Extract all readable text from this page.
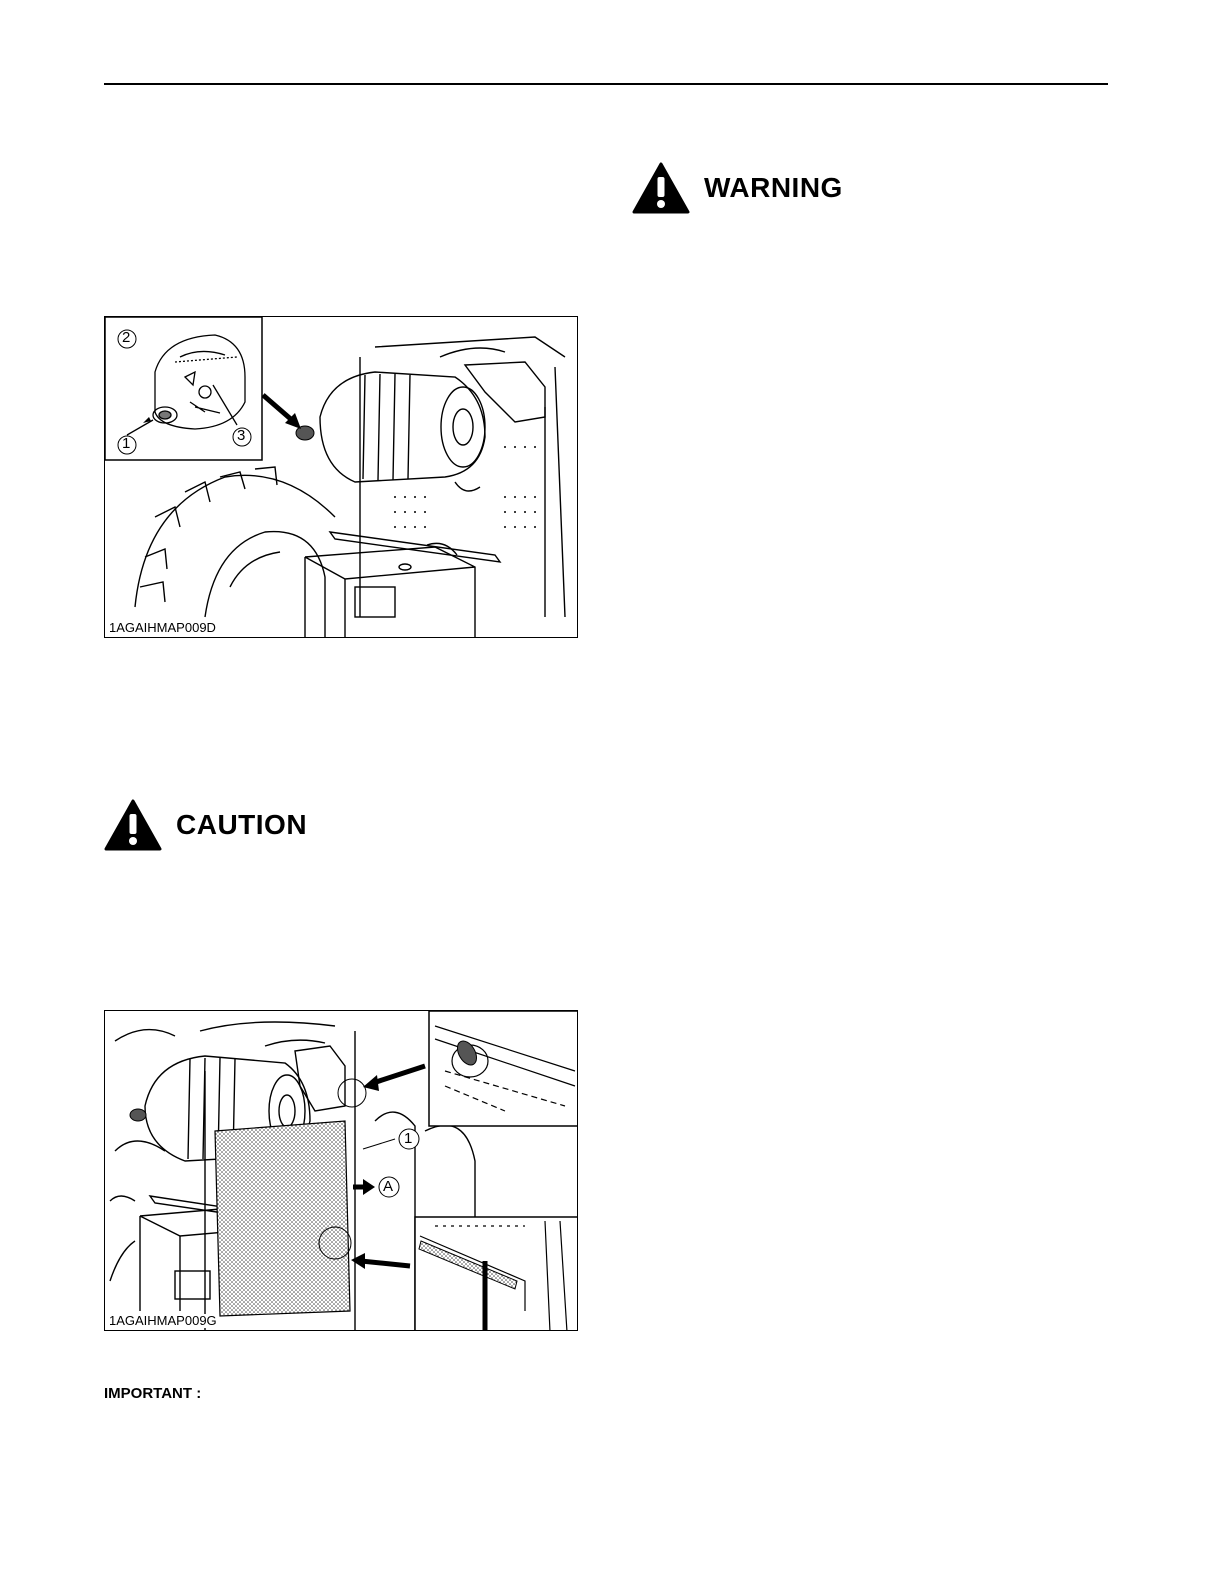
WARNING
2
1	3
1AGAIHMAP009D
CAUTION
1
A
1AGAIHMAP009G
IMPORTANT :
